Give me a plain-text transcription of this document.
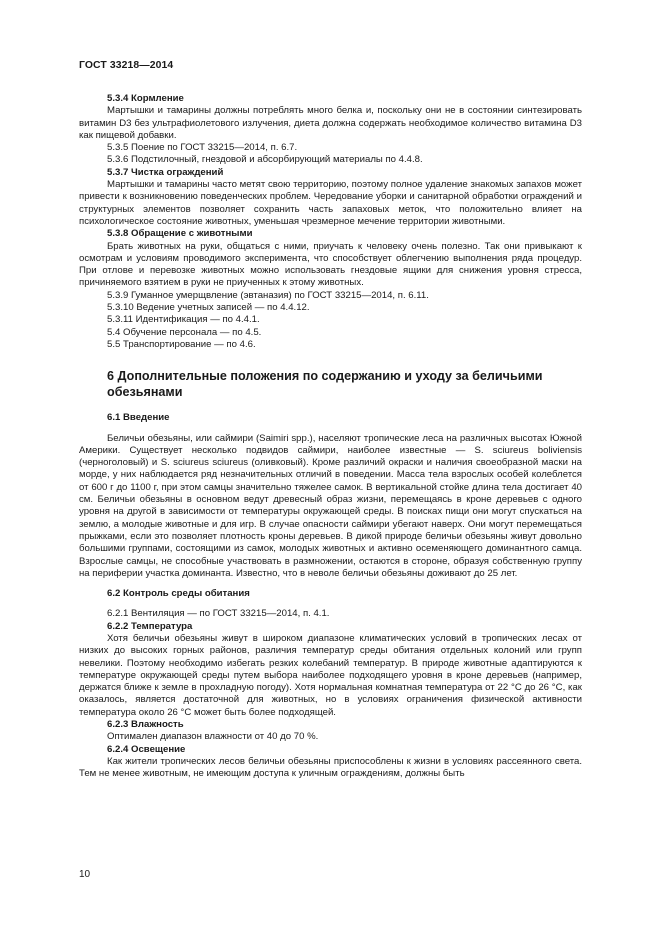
ГОСТ 33218—2014

5.3.4 Кормление

Мартышки и тамарины должны потреблять много белка и, поскольку они не в состоянии синтезировать витамин D3 без ультрафиолетового излучения, диета должна содержать необходимое количество витамина D3 как пищевой добавки.

5.3.5 Поение по ГОСТ 33215—2014, п. 6.7.

5.3.6 Подстилочный, гнездовой и абсорбирующий материалы по 4.4.8.

5.3.7 Чистка ограждений

Мартышки и тамарины часто метят свою территорию, поэтому полное удаление знакомых запахов может привести к возникновению поведенческих проблем. Чередование уборки и санитарной обработки ограждений и структурных элементов позволяет сохранить часть запаховых меток, что положительно влияет на психологическое состояние животных, уменьшая чрезмерное мечение территории животными.

5.3.8 Обращение с животными

Брать животных на руки, общаться с ними, приучать к человеку очень полезно. Так они привыкают к осмотрам и условиям проводимого эксперимента, что способствует облегчению выполнения ряда процедур. При отлове и перевозке животных можно использовать гнездовые ящики для снижения уровня стресса, причиняемого взятием в руки не приученных к этому животных.

5.3.9 Гуманное умерщвление (эвтаназия) по ГОСТ 33215—2014, п. 6.11.

5.3.10 Ведение учетных записей — по 4.4.12.

5.3.11 Идентификация — по 4.4.1.

5.4 Обучение персонала — по 4.5.

5.5 Транспортирование — по 4.6.

6 Дополнительные положения по содержанию и уходу за беличьими обезьянами

6.1 Введение

Беличьи обезьяны, или саймири (Saimiri spp.), населяют тропические леса на различных высотах Южной Америки. Существует несколько подвидов саймири, наиболее известные — S. sciureus boliviensis (черноголовый) и S. sciureus sciureus (оливковый). Кроме различий окраски и наличия своеобразной маски на морде, у них наблюдается ряд незначительных отличий в поведении. Масса тела взрослых особей колеблется от 600 г до 1100 г, при этом самцы значительно тяжелее самок. В вертикальной стойке длина тела достигает 40 см. Беличьи обезьяны в основном ведут древесный образ жизни, перемещаясь в кроне деревьев с одного уровня на другой в зависимости от температуры окружающей среды. В поисках пищи они могут спускаться на землю, а молодые животные и для игр. В случае опасности саймири убегают наверх. Они могут перемещаться прыжками, если это позволяет плотность кроны деревьев. В дикой природе беличьи обезьяны живут довольно большими группами, состоящими из самок, молодых животных и активно осеменяющего доминантного самца. Взрослые самцы, не способные участвовать в размножении, остаются в стороне, образуя собственную группу на периферии участка доминанта. Известно, что в неволе беличьи обезьяны доживают до 25 лет.

6.2 Контроль среды обитания

6.2.1 Вентиляция — по ГОСТ 33215—2014, п. 4.1.

6.2.2 Температура

Хотя беличьи обезьяны живут в широком диапазоне климатических условий в тропических лесах от низких до высоких горных районов, различия температур среды обитания отдельных колоний или групп невелики. Поэтому необходимо избегать резких колебаний температур. В природе животные адаптируются к температуре окружающей среды путем выбора наиболее подходящего уровня в кроне деревьев (например, держатся ближе к земле в прохладную погоду). Хотя нормальная комнатная температура от 22 °С до 26 °С, как оказалось, является достаточной для животных, но в условиях ограничения физической активности температура около 26 °С может быть более подходящей.

6.2.3 Влажность

Оптимален диапазон влажности от 40 до 70 %.

6.2.4 Освещение

Как жители тропических лесов беличьи обезьяны приспособлены к жизни в условиях рассеянного света. Тем не менее животным, не имеющим доступа к уличным ограждениям, должны быть

10
